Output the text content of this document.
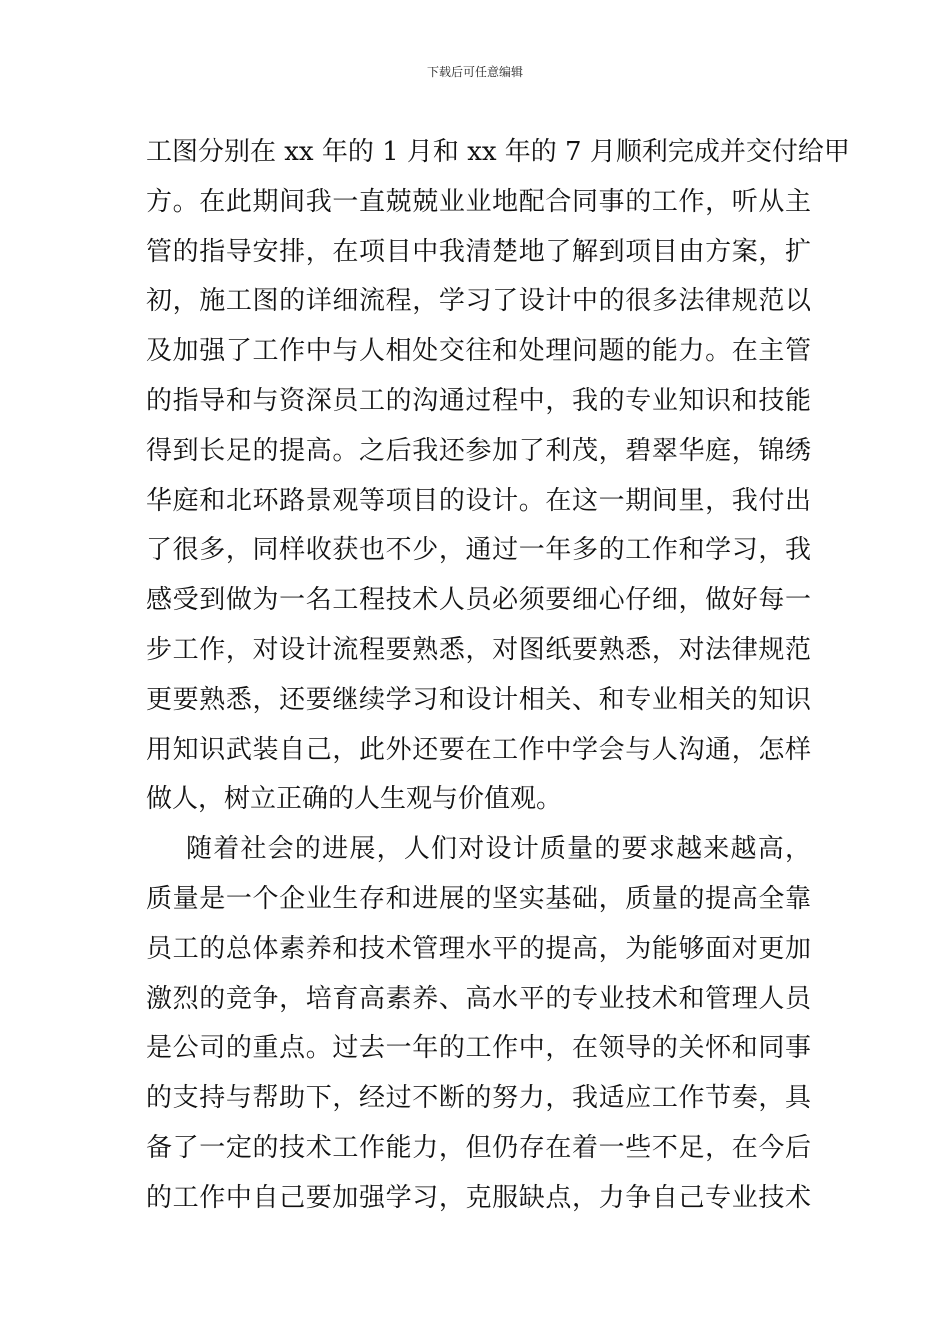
下载后可任意编辑
工图分别在 xx 年的 1 月和 xx 年的 7 月顺利完成并交付给甲
方。在此期间我一直兢兢业业地配合同事的工作，听从主
管的指导安排，在项目中我清楚地了解到项目由方案，扩
初，施工图的详细流程，学习了设计中的很多法律规范以
及加强了工作中与人相处交往和处理问题的能力。在主管
的指导和与资深员工的沟通过程中，我的专业知识和技能
得到长足的提高。之后我还参加了利茂，碧翠华庭，锦绣
华庭和北环路景观等项目的设计。在这一期间里，我付出
了很多，同样收获也不少，通过一年多的工作和学习，我
感受到做为一名工程技术人员必须要细心仔细，做好每一
步工作，对设计流程要熟悉，对图纸要熟悉，对法律规范
更要熟悉，还要继续学习和设计相关、和专业相关的知识
用知识武装自己，此外还要在工作中学会与人沟通，怎样
做人，树立正确的人生观与价值观。
随着社会的进展，人们对设计质量的要求越来越高，
质量是一个企业生存和进展的坚实基础，质量的提高全靠
员工的总体素养和技术管理水平的提高，为能够面对更加
激烈的竞争，培育高素养、高水平的专业技术和管理人员
是公司的重点。过去一年的工作中，在领导的关怀和同事
的支持与帮助下，经过不断的努力，我适应工作节奏，具
备了一定的技术工作能力，但仍存在着一些不足，在今后
的工作中自己要加强学习，克服缺点，力争自己专业技术
